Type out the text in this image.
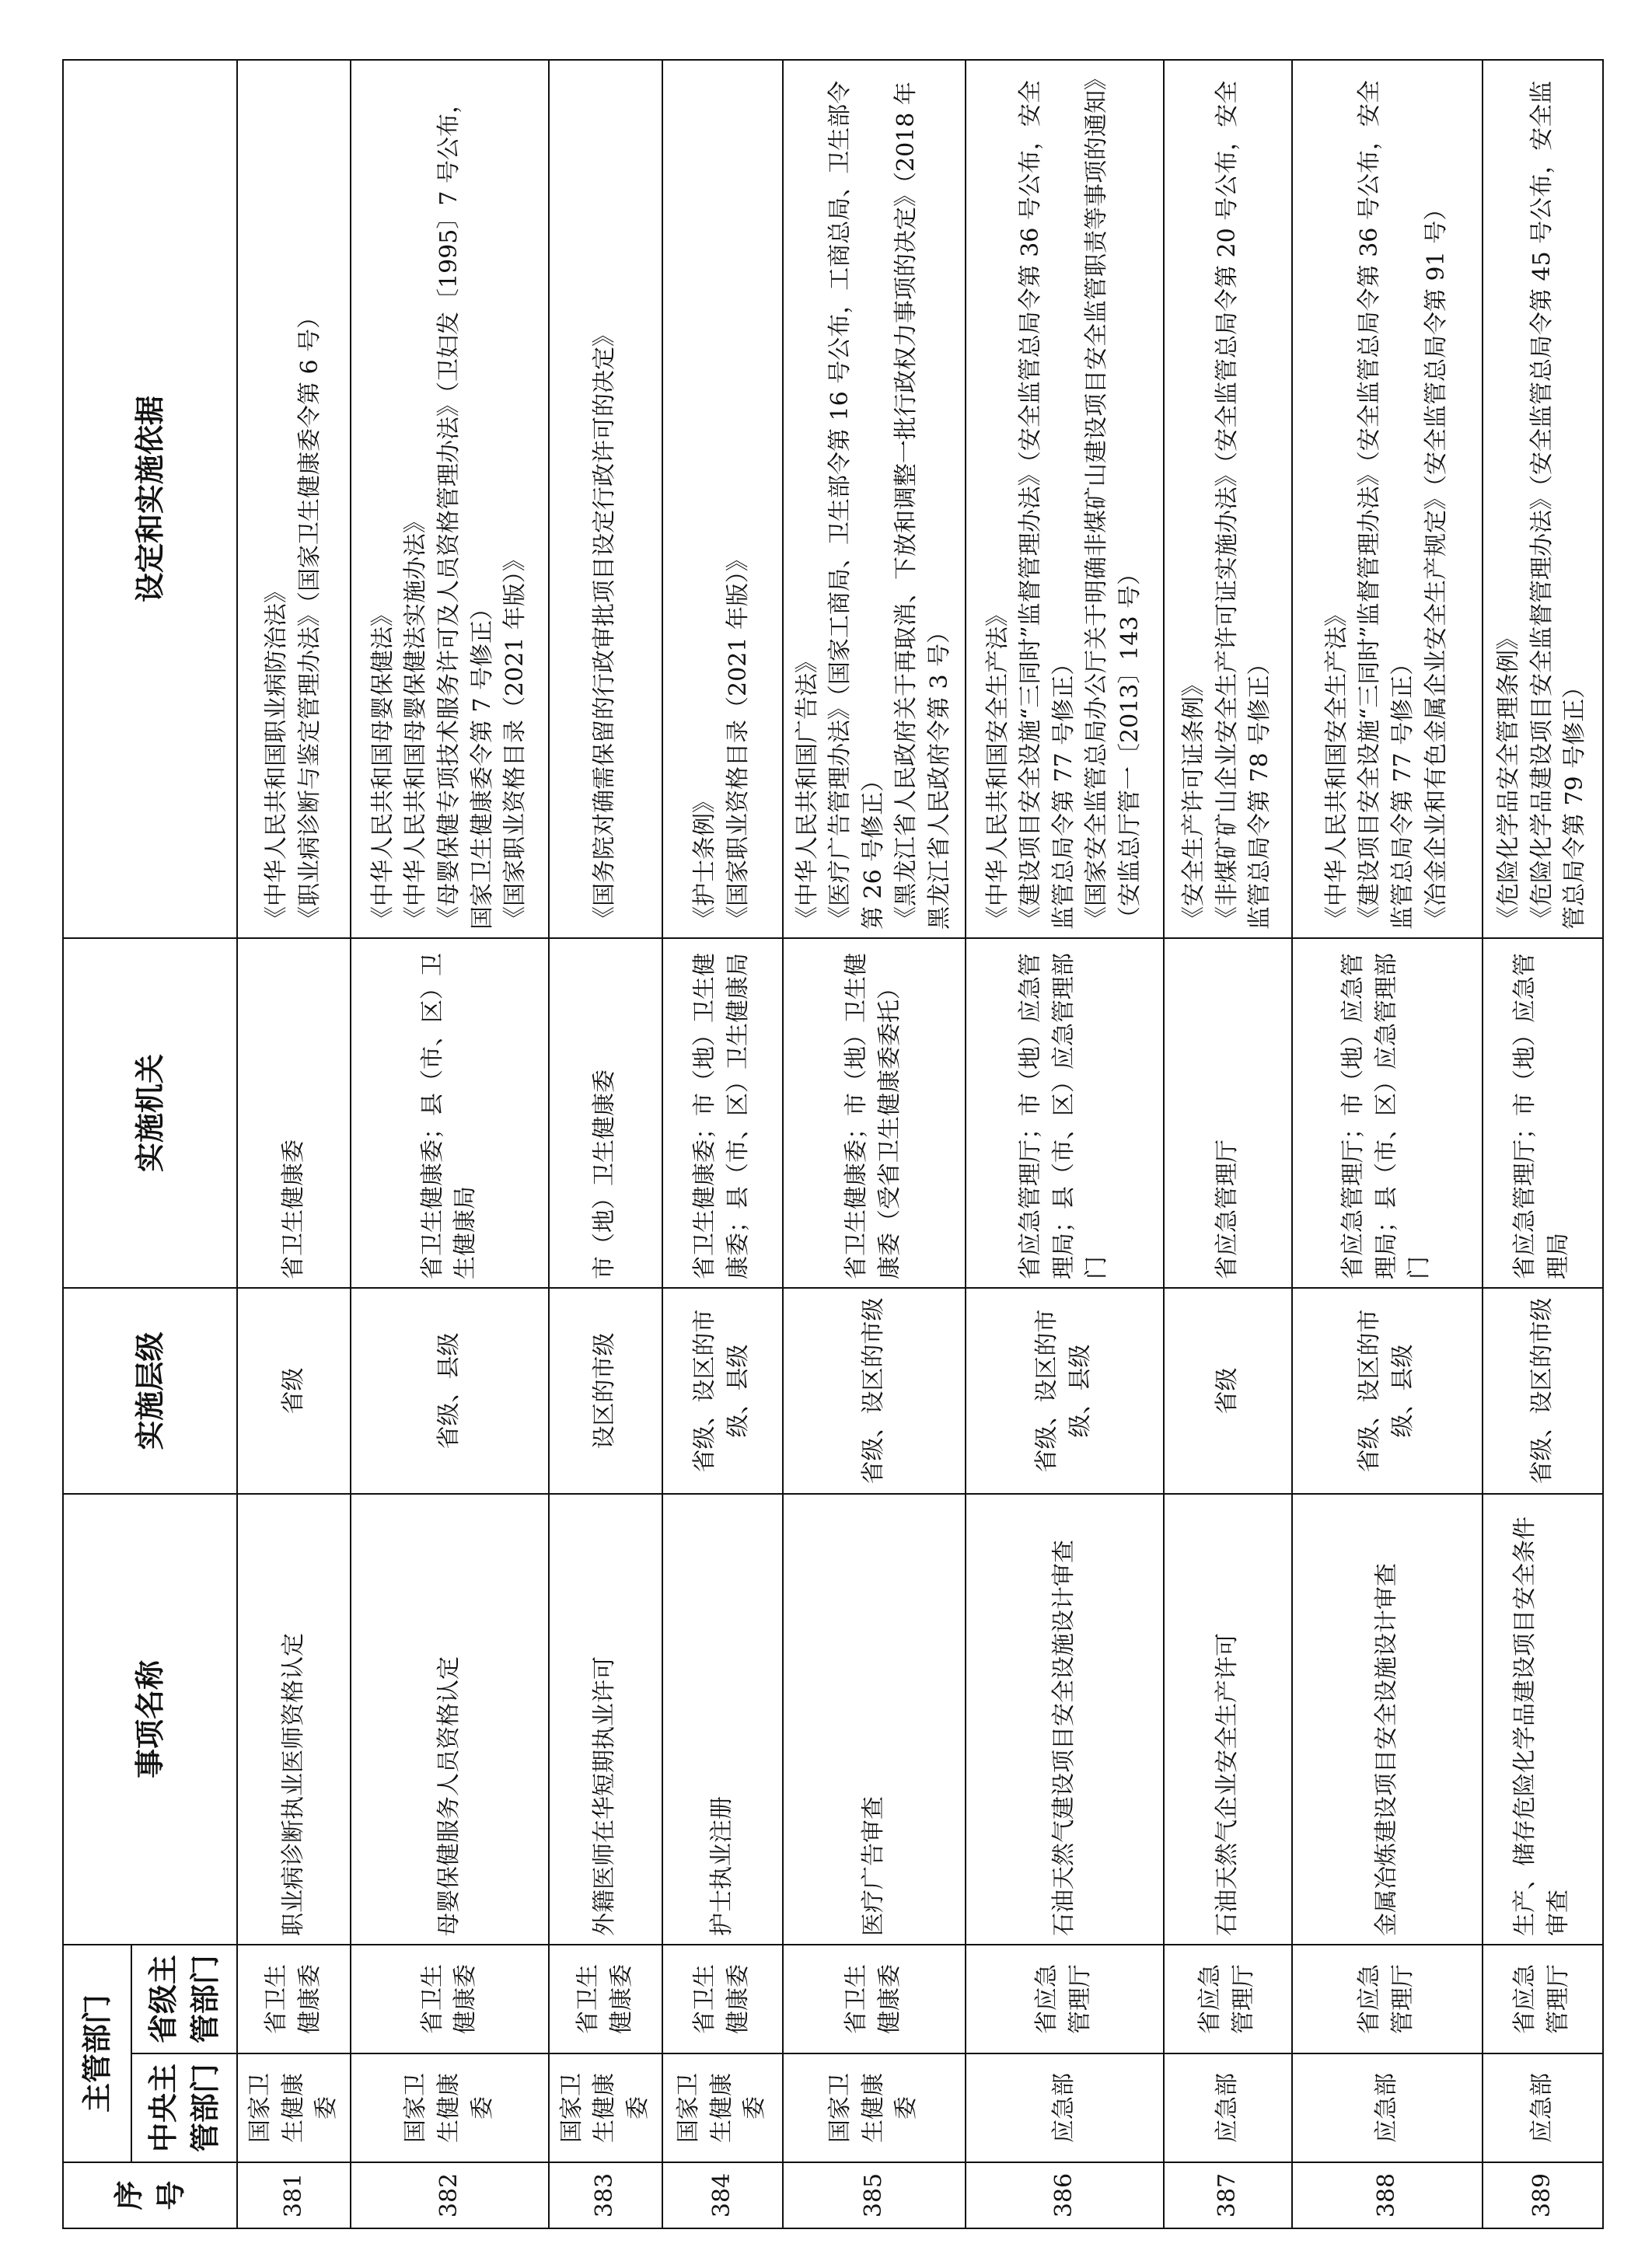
序号	主管部门		事项名称	实施层级	实施机关	设定和实施依据
	中央主管部门	省级主管部门				
381	国家卫生健康委	省卫生健康委	职业病诊断执业医师资格认定	省级	省卫生健康委	《中华人民共和国职业病防治法》 《职业病诊断与鉴定管理办法》（国家卫生健康委令第 6 号）

382	国家卫生健康委	省卫生健康委	母婴保健服务人员资格认定	省级、县级	省卫生健康委；县（市、区）卫生健康局	《中华人民共和国母婴保健法》 《中华人民共和国母婴保健法实施办法》 《母婴保健专项技术服务许可及人员资格管理办法》（卫妇发〔1995〕7 号公布，国家卫生健康委令第 7 号修正） 《国家职业资格目录（2021 年版）》

383	国家卫生健康委	省卫生健康委	外籍医师在华短期执业许可	设区的市级	市（地）卫生健康委	《国务院对确需保留的行政审批项目设定行政许可的决定》

384	国家卫生健康委	省卫生健康委	护士执业注册	省级、设区的市级、县级	省卫生健康委；市（地）卫生健康委；县（市、区）卫生健康局	《护士条例》 《国家职业资格目录（2021 年版）》

385	国家卫生健康委	省卫生健康委	医疗广告审查	省级、设区的市级	省卫生健康委；市（地）卫生健康委（受省卫生健康委委托）	《中华人民共和国广告法》 《医疗广告管理办法》（国家工商局、卫生部令第 16 号公布，工商总局、卫生部令第 26 号修正） 《黑龙江省人民政府关于再取消、下放和调整一批行政权力事项的决定》（2018 年黑龙江省人民政府令第 3 号）

386	应急部	省应急管理厅	石油天然气建设项目安全设施设计审查	省级、设区的市级、县级	省应急管理厅；市（地）应急管理局；县（市、区）应急管理部门	《中华人民共和国安全生产法》 《建设项目安全设施“三同时”监督管理办法》（安全监管总局令第 36 号公布，安全监管总局令第 77 号修正） 《国家安全监管总局办公厅关于明确非煤矿山建设项目安全监管职责等事项的通知》（安监总厅管一〔2013〕143 号）

387	应急部	省应急管理厅	石油天然气企业安全生产许可	省级	省应急管理厅	《安全生产许可证条例》 《非煤矿矿山企业安全生产许可证实施办法》（安全监管总局令第 20 号公布，安全监管总局令第 78 号修正）

388	应急部	省应急管理厅	金属冶炼建设项目安全设施设计审查	省级、设区的市级、县级	省应急管理厅；市（地）应急管理局；县（市、区）应急管理部门	《中华人民共和国安全生产法》 《建设项目安全设施“三同时”监督管理办法》（安全监管总局令第 36 号公布，安全监管总局令第 77 号修正） 《冶金企业和有色金属企业安全生产规定》（安全监管总局令第 91 号）

389	应急部	省应急管理厅	生产、储存危险化学品建设项目安全条件审查	省级、设区的市级	省应急管理厅；市（地）应急管理局	《危险化学品安全管理条例》 《危险化学品建设项目安全监督管理办法》（安全监管总局令第 45 号公布，安全监管总局令第 79 号修正）
